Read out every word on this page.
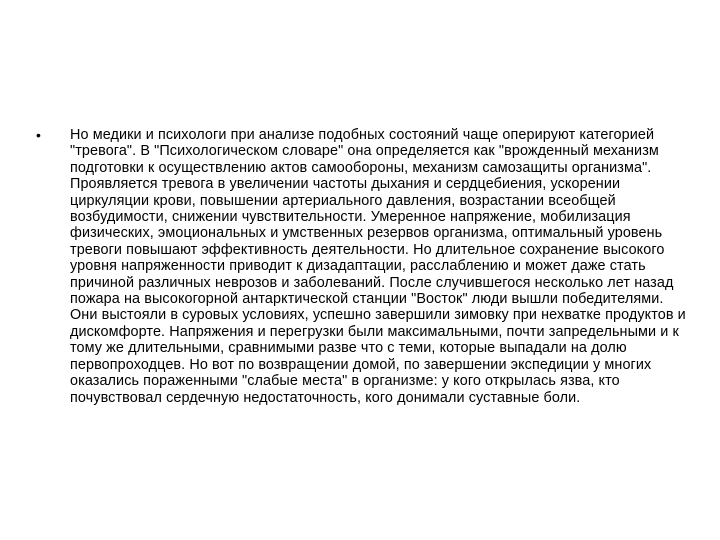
•	Но медики и психологи при анализе подобных состояний чаще оперируют категорией "тревога". В "Психологическом словаре" она определяется как "врожденный механизм подготовки к осуществлению актов самообороны, механизм самозащиты организма". Проявляется тревога в увеличении частоты дыхания и сердцебиения, ускорении циркуляции крови, повышении артериального давления, возрастании всеобщей возбудимости, снижении чувствительности. Умеренное напряжение, мобилизация физических, эмоциональных и умственных резервов организма, оптимальный уровень тревоги повышают эффективность деятельности. Но длительное сохранение высокого уровня напряженности приводит к дизадаптации, расслаблению и может даже стать причиной различных неврозов и заболеваний. После случившегося несколько лет назад пожара на высокогорной антарктической станции "Восток" люди вышли победителями. Они выстояли в суровых условиях, успешно завершили зимовку при нехватке продуктов и дискомфорте. Напряжения и перегрузки были максимальными, почти запредельными и к тому же длительными, сравнимыми разве что с теми, которые выпадали на долю первопроходцев. Но вот по возвращении домой, по завершении экспедиции у многих оказались пораженными "слабые места" в организме: у кого открылась язва, кто почувствовал сердечную недостаточность, кого донимали суставные боли.
